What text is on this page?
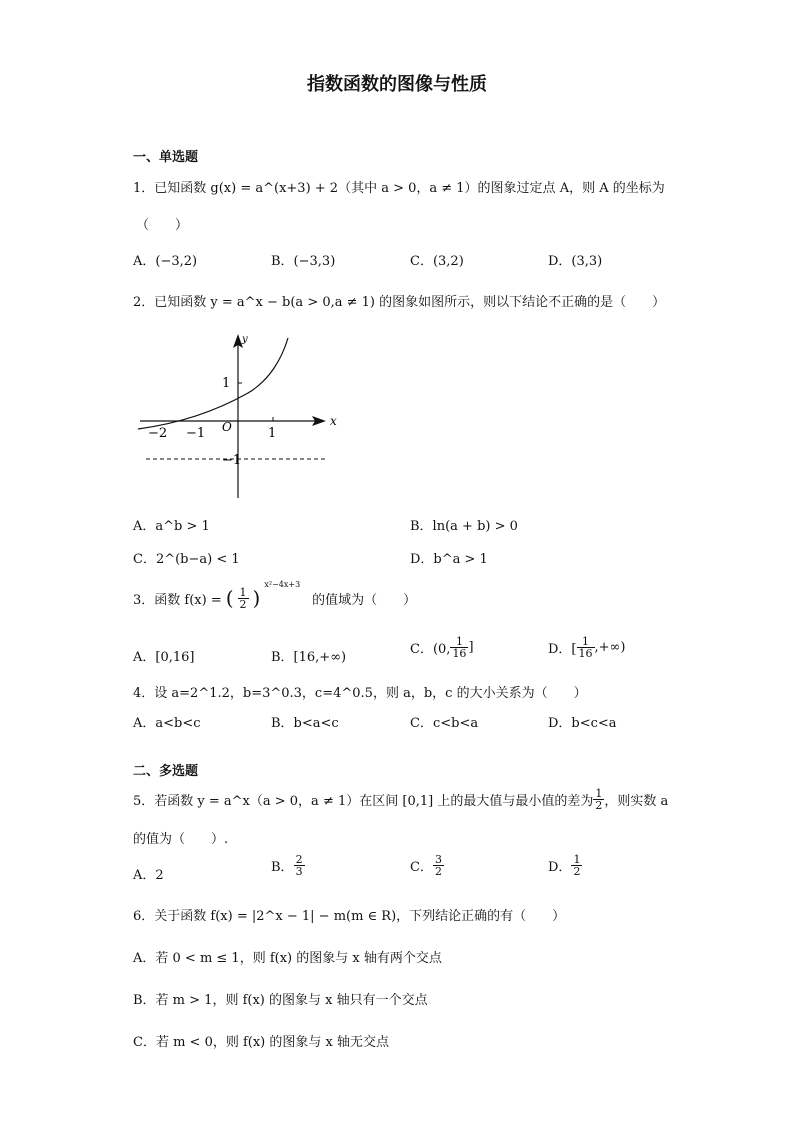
指数函数的图像与性质
一、单选题
1．已知函数 g(x) = a^(x+3) + 2（其中 a > 0，a ≠ 1）的图象过定点 A，则 A 的坐标为
（　　）
A．(−3,2)	B．(−3,3)	C．(3,2)	D．(3,3)
2．已知函数 y = a^x − b(a > 0,a ≠ 1) 的图象如图所示，则以下结论不正确的是（　　）
y
x
O
1
−2 −1	1
−1
A．a^b > 1	B．ln(a + b) > 0
C．2^(b−a) < 1	D．b^a > 1
3．函数 f(x) = ( $\frac{1}{2}$ )
x²−4x+3
的值域为（　　）
A．[0,16]	B．[16,+∞)
C．(0, $\frac{1}{16}$ ]	D．[ $\frac{1}{16}$ ,+∞)
4．设 a=2^1.2，b=3^0.3，c=4^0.5，则 a，b，c 的大小关系为（　　）
A．a<b<c	B．b<a<c	C．c<b<a	D．b<c<a
二、多选题
5．若函数 y = a^x（a > 0，a ≠ 1）在区间 [0,1] 上的最大值与最小值的差为 $\frac{1}{2}$ ，则实数 a
的值为（　　）.
A．2
B． $\frac{2}{3}$	C． $\frac{3}{2}$	D． $\frac{1}{2}$
6．关于函数 f(x) = |2^x − 1| − m(m ∈ R)，下列结论正确的有（　　）
A．若 0 < m ≤ 1，则 f(x) 的图象与 x 轴有两个交点
B．若 m > 1，则 f(x) 的图象与 x 轴只有一个交点
C．若 m < 0，则 f(x) 的图象与 x 轴无交点
